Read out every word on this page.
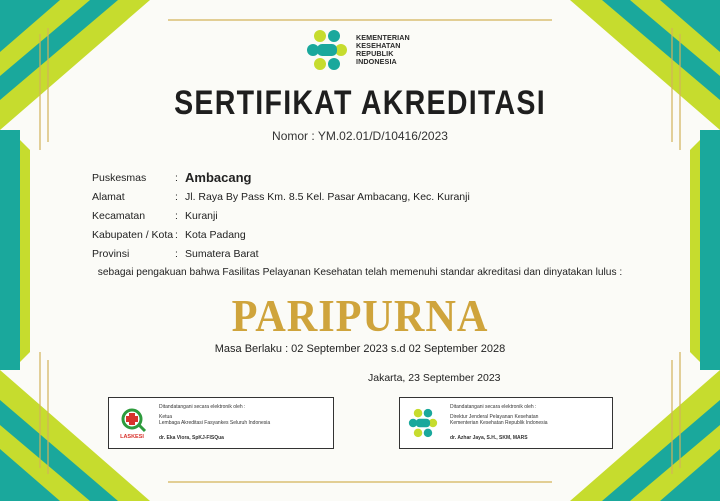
KEMENTERIAN
KESEHATAN
REPUBLIK
INDONESIA
SERTIFIKAT AKREDITASI
Nomor : YM.02.01/D/10416/2023
Puskesmas	: Ambacang
Alamat	: Jl. Raya By Pass Km. 8.5 Kel. Pasar Ambacang, Kec. Kuranji
Kecamatan	: Kuranji
Kabupaten / Kota : Kota Padang
Provinsi	: Sumatera Barat
sebagai pengakuan bahwa Fasilitas Pelayanan Kesehatan telah memenuhi standar akreditasi dan dinyatakan lulus :
PARIPURNA
Masa Berlaku : 02 September 2023 s.d 02 September 2028
Jakarta, 23 September 2023
LASKESI
Ditandatangani secara elektronik oleh :
Ketua
Lembaga Akreditasi Fasyankes Seluruh Indonesia
dr. Eka Viora, SpKJ-FISQua
Ditandatangani secara elektronik oleh :
Direktur Jenderal Pelayanan Kesehatan
Kementerian Kesehatan Republik Indonesia
dr. Azhar Jaya, S.H., SKM, MARS
